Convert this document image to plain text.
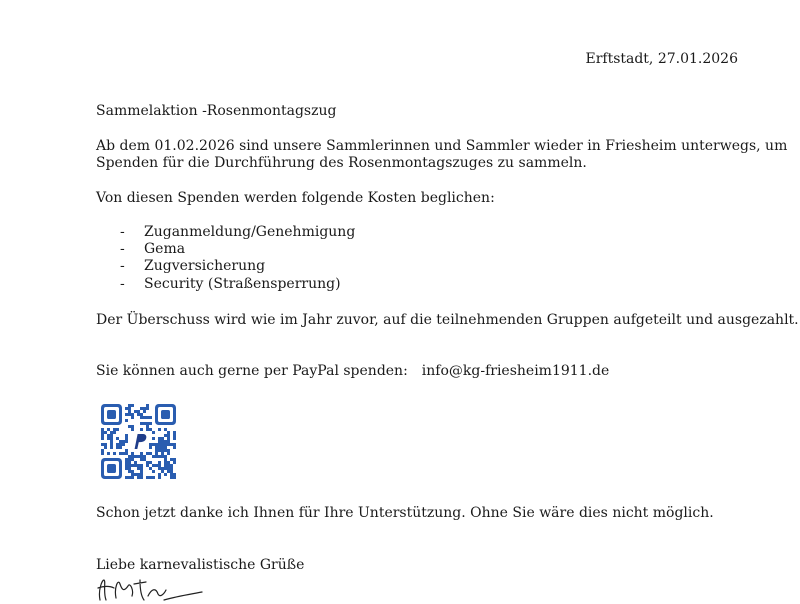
Erftstadt, 27.01.2026
Sammelaktion -Rosenmontagszug
Ab dem 01.02.2026 sind unsere Sammlerinnen und Sammler wieder in Friesheim unterwegs, um
Spenden für die Durchführung des Rosenmontagszuges zu sammeln.
Von diesen Spenden werden folgende Kosten beglichen:
- Zuganmeldung/Genehmigung
- Gema
- Zugversicherung
- Security (Straßensperrung)
Der Überschuss wird wie im Jahr zuvor, auf die teilnehmenden Gruppen aufgeteilt und ausgezahlt.
Sie können auch gerne per PayPal spenden: info@kg-friesheim1911.de
Schon jetzt danke ich Ihnen für Ihre Unterstützung. Ohne Sie wäre dies nicht möglich.
Liebe karnevalistische Grüße
